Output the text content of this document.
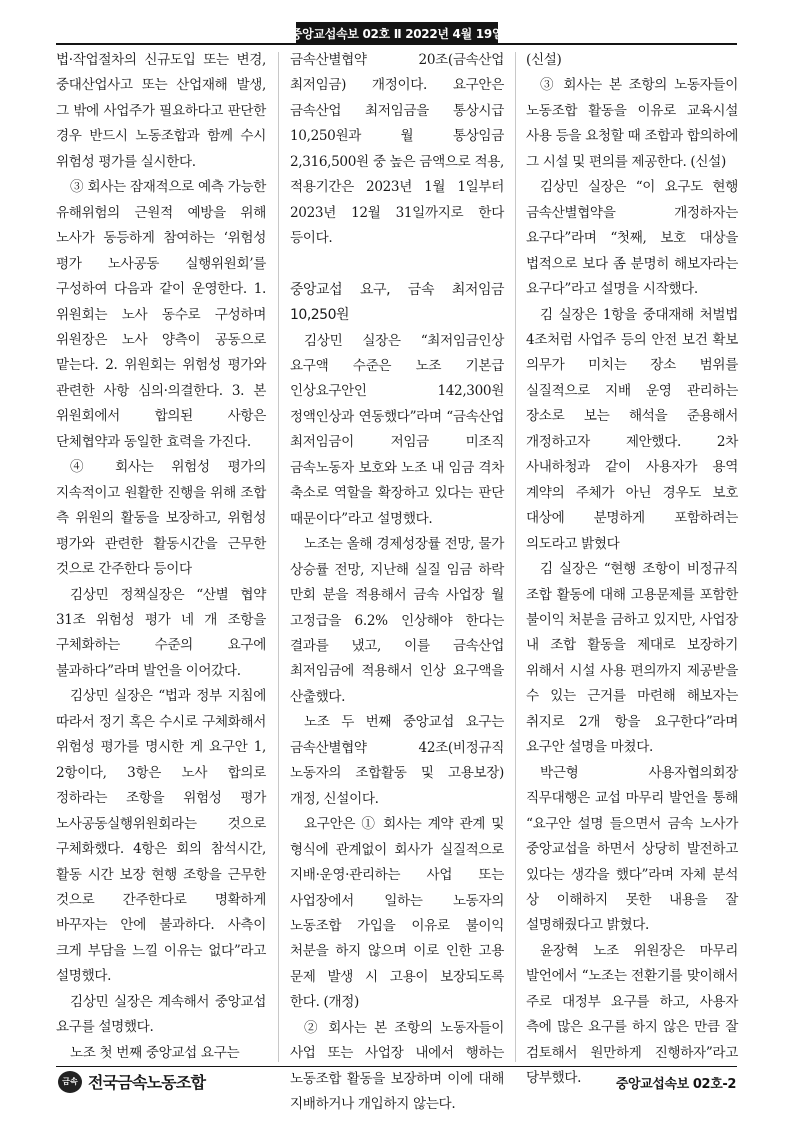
중앙교섭속보 02호 Ⅱ 2022년 4월 19일

법·작업절차의 신규도입 또는 변경, 중대산업사고 또는 산업재해 발생, 그 밖에 사업주가 필요하다고 판단한 경우 반드시 노동조합과 함께 수시 위험성 평가를 실시한다.

③ 회사는 잠재적으로 예측 가능한 유해위험의 근원적 예방을 위해 노사가 동등하게 참여하는 ‘위험성 평가 노사공동 실행위원회’를 구성하여 다음과 같이 운영한다. 1. 위원회는 노사 동수로 구성하며 위원장은 노사 양측이 공동으로 맡는다. 2. 위원회는 위험성 평가와 관련한 사항 심의·의결한다. 3. 본 위원회에서 합의된 사항은 단체협약과 동일한 효력을 가진다.

④ 회사는 위험성 평가의 지속적이고 원활한 진행을 위해 조합 측 위원의 활동을 보장하고, 위험성 평가와 관련한 활동시간을 근무한 것으로 간주한다 등이다

김상민 정책실장은 “산별 협약 31조 위험성 평가 네 개 조항을 구체화하는 수준의 요구에 불과하다”라며 발언을 이어갔다.

김상민 실장은 “법과 정부 지침에 따라서 정기 혹은 수시로 구체화해서 위험성 평가를 명시한 게 요구안 1, 2항이다, 3항은 노사 합의로 정하라는 조항을 위험성 평가 노사공동실행위원회라는 것으로 구체화했다. 4항은 회의 참석시간, 활동 시간 보장 현행 조항을 근무한 것으로 간주한다로 명확하게 바꾸자는 안에 불과하다. 사측이 크게 부담을 느낄 이유는 없다”라고 설명했다.

김상민 실장은 계속해서 중앙교섭 요구를 설명했다.

노조 첫 번째 중앙교섭 요구는

금속산별협약 20조(금속산업 최저임금) 개정이다. 요구안은 금속산업 최저임금을 통상시급 10,250원과 월 통상임금 2,316,500원 중 높은 금액으로 적용, 적용기간은 2023년 1월 1일부터 2023년 12월 31일까지로 한다 등이다.

중앙교섭 요구, 금속 최저임금 10,250원

김상민 실장은 “최저임금인상 요구액 수준은 노조 기본급 인상요구안인 142,300원 정액인상과 연동했다”라며 “금속산업 최저임금이 저임금 미조직 금속노동자 보호와 노조 내 임금 격차 축소로 역할을 확장하고 있다는 판단 때문이다”라고 설명했다.

노조는 올해 경제성장률 전망, 물가 상승률 전망, 지난해 실질 임금 하락 만회 분을 적용해서 금속 사업장 월 고정급을 6.2% 인상해야 한다는 결과를 냈고, 이를 금속산업 최저임금에 적용해서 인상 요구액을 산출했다.

노조 두 번째 중앙교섭 요구는 금속산별협약 42조(비정규직 노동자의 조합활동 및 고용보장) 개정, 신설이다.

요구안은 ① 회사는 계약 관계 및 형식에 관계없이 회사가 실질적으로 지배·운영·관리하는 사업 또는 사업장에서 일하는 노동자의 노동조합 가입을 이유로 불이익 처분을 하지 않으며 이로 인한 고용 문제 발생 시 고용이 보장되도록 한다. (개정)

② 회사는 본 조항의 노동자들이 사업 또는 사업장 내에서 행하는 노동조합 활동을 보장하며 이에 대해 지배하거나 개입하지 않는다.

(신설)

③ 회사는 본 조항의 노동자들이 노동조합 활동을 이유로 교육시설 사용 등을 요청할 때 조합과 합의하에 그 시설 및 편의를 제공한다. (신설)

김상민 실장은 “이 요구도 현행 금속산별협약을 개정하자는 요구다”라며 “첫째, 보호 대상을 법적으로 보다 좀 분명히 해보자라는 요구다”라고 설명을 시작했다.

김 실장은 1항을 중대재해 처벌법 4조처럼 사업주 등의 안전 보건 확보 의무가 미치는 장소 범위를 실질적으로 지배 운영 관리하는 장소로 보는 해석을 준용해서 개정하고자 제안했다. 2차 사내하청과 같이 사용자가 용역 계약의 주체가 아닌 경우도 보호 대상에 분명하게 포함하려는 의도라고 밝혔다

김 실장은 “현행 조항이 비정규직 조합 활동에 대해 고용문제를 포함한 불이익 처분을 금하고 있지만, 사업장 내 조합 활동을 제대로 보장하기 위해서 시설 사용 편의까지 제공받을 수 있는 근거를 마련해 해보자는 취지로 2개 항을 요구한다”라며 요구안 설명을 마쳤다.

박근형 사용자협의회장 직무대행은 교섭 마무리 발언을 통해 “요구안 설명 들으면서 금속 노사가 중앙교섭을 하면서 상당히 발전하고 있다는 생각을 했다”라며 자체 분석 상 이해하지 못한 내용을 잘 설명해줬다고 밝혔다.

윤장혁 노조 위원장은 마무리 발언에서 “노조는 전환기를 맞이해서 주로 대정부 요구를 하고, 사용자 측에 많은 요구를 하지 않은 만큼 잘 검토해서 원만하게 진행하자”라고 당부했다.

금속 전국금속노동조합	중앙교섭속보 02호-2
